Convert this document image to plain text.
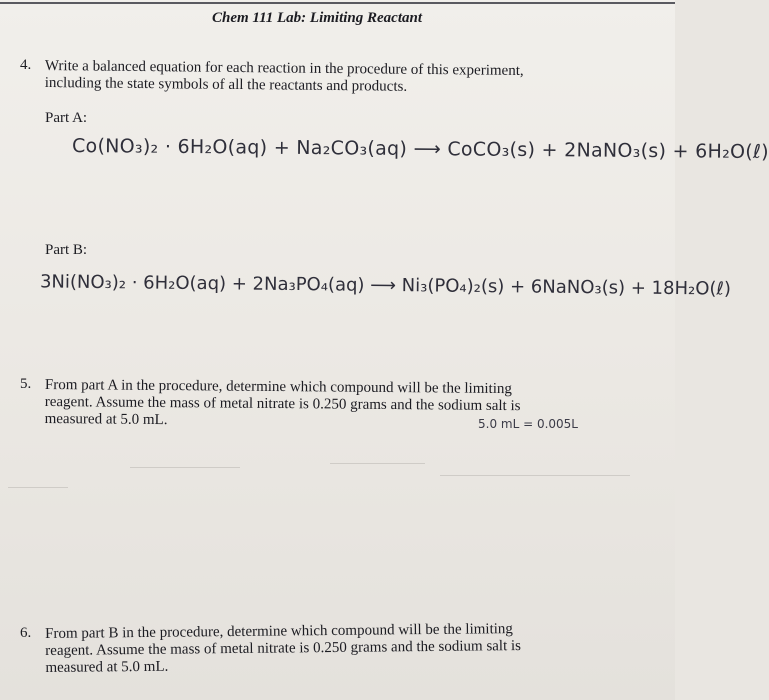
Chem 111 Lab: Limiting Reactant
4. Write a balanced equation for each reaction in the procedure of this experiment,
including the state symbols of all the reactants and products.
Part A:
Co(NO₃)₂ · 6H₂O(aq) + Na₂CO₃(aq) ⟶ CoCO₃(s) + 2NaNO₃(s) + 6H₂O(ℓ)
Part B:
3Ni(NO₃)₂ · 6H₂O(aq) + 2Na₃PO₄(aq) ⟶ Ni₃(PO₄)₂(s) + 6NaNO₃(s) + 18H₂O(ℓ)
5. From part A in the procedure, determine which compound will be the limiting
reagent. Assume the mass of metal nitrate is 0.250 grams and the sodium salt is
measured at 5.0 mL.	5.0 mL = 0.005L
6. From part B in the procedure, determine which compound will be the limiting
reagent. Assume the mass of metal nitrate is 0.250 grams and the sodium salt is
measured at 5.0 mL.
